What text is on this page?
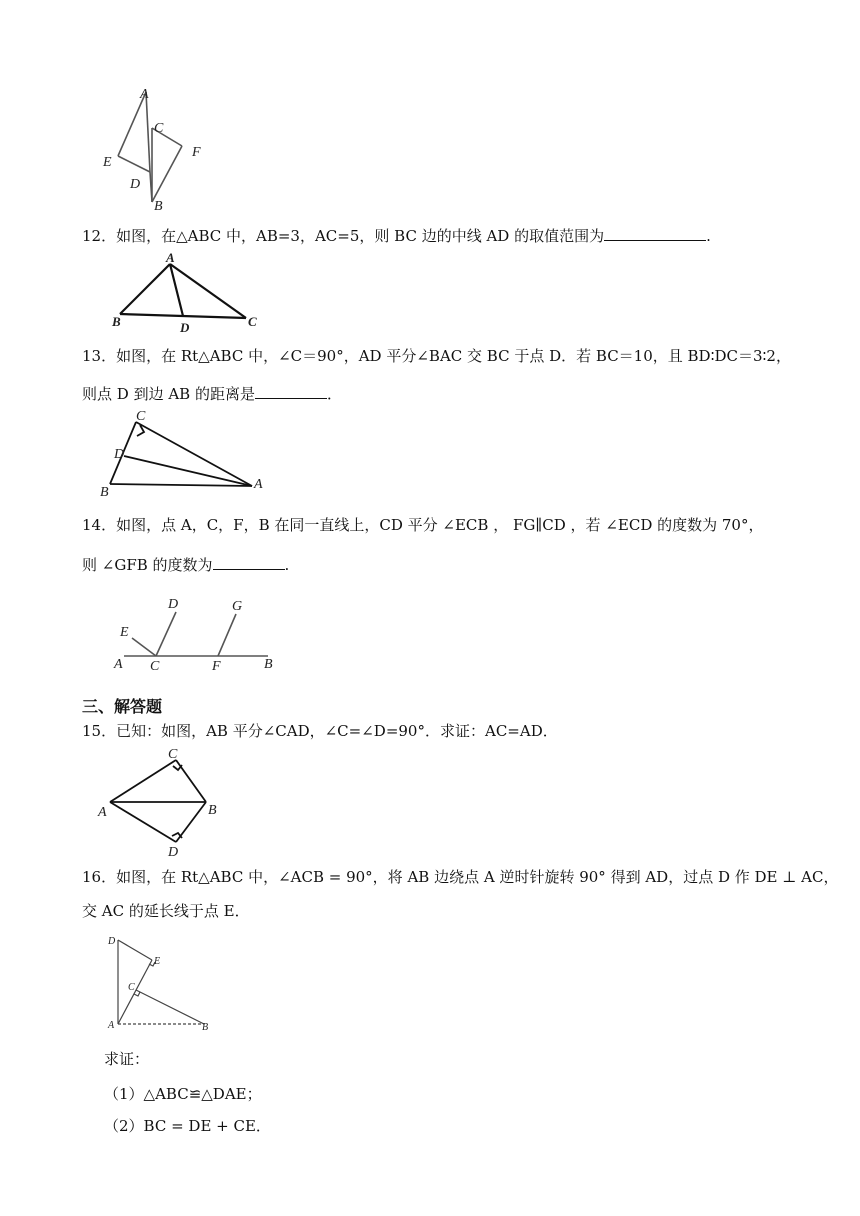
A
C
F
E
D
B
12．如图，在△ABC 中，AB=3，AC=5，则 BC 边的中线 AD 的取值范围为	.
A
B	D	C
13．如图，在 Rt△ABC 中，∠C＝90°，AD 平分∠BAC 交 BC 于点 D．若 BC＝10，且 BD∶DC＝3∶2，
则点 D 到边 AB 的距离是	．
C
D
B
A
14．如图，点 A，C，F，B 在同一直线上，CD 平分 ∠ECB ， FG∥CD ，若 ∠ECD 的度数为 70°，
则 ∠GFB 的度数为	.
D	G
E
A C	F	B
三、解答题
15．已知：如图，AB 平分∠CAD，∠C=∠D=90°．求证：AC=AD．
C
A	B
D
16．如图，在 Rt△ABC 中，∠ACB = 90°，将 AB 边绕点 A 逆时针旋转 90° 得到 AD，过点 D 作 DE ⊥ AC，
交 AC 的延长线于点 E．
D
E
C
A	B
求证：
（1）△ABC≌△DAE；
（2）BC = DE + CE．
